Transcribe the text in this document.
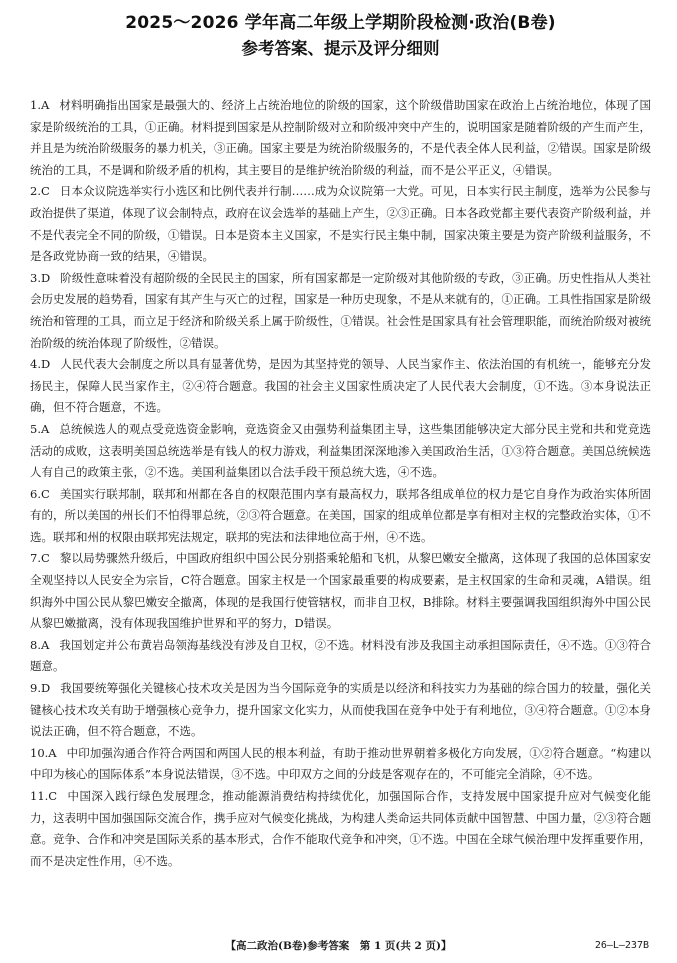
2025～2026 学年高二年级上学期阶段检测·政治(B卷)
参考答案、提示及评分细则

1.A 材料明确指出国家是最强大的、经济上占统治地位的阶级的国家，这个阶级借助国家在政治上占统治地位，体现了国家是阶级统治的工具，①正确。材料提到国家是从控制阶级对立和阶级冲突中产生的，说明国家是随着阶级的产生而产生，并且是为统治阶级服务的暴力机关，③正确。国家主要是为统治阶级服务的，不是代表全体人民利益，②错误。国家是阶级统治的工具，不是调和阶级矛盾的机构，其主要目的是维护统治阶级的利益，而不是公平正义，④错误。

2.C 日本众议院选举实行小选区和比例代表并行制……成为众议院第一大党。可见，日本实行民主制度，选举为公民参与政治提供了渠道，体现了议会制特点，政府在议会选举的基础上产生，②③正确。日本各政党都主要代表资产阶级利益，并不是代表完全不同的阶级，①错误。日本是资本主义国家，不是实行民主集中制，国家决策主要是为资产阶级利益服务，不是各政党协商一致的结果，④错误。

3.D 阶级性意味着没有超阶级的全民民主的国家，所有国家都是一定阶级对其他阶级的专政，③正确。历史性指从人类社会历史发展的趋势看，国家有其产生与灭亡的过程，国家是一种历史现象，不是从来就有的，①正确。工具性指国家是阶级统治和管理的工具，而立足于经济和阶级关系上属于阶级性，①错误。社会性是国家具有社会管理职能，而统治阶级对被统治阶级的统治体现了阶级性，②错误。

4.D 人民代表大会制度之所以具有显著优势，是因为其坚持党的领导、人民当家作主、依法治国的有机统一，能够充分发扬民主，保障人民当家作主，②④符合题意。我国的社会主义国家性质决定了人民代表大会制度，①不选。③本身说法正确，但不符合题意，不选。

5.A 总统候选人的观点受竞选资金影响，竞选资金又由强势利益集团主导，这些集团能够决定大部分民主党和共和党竞选活动的成败，这表明美国总统选举是有钱人的权力游戏，利益集团深深地渗入美国政治生活，①③符合题意。美国总统候选人有自己的政策主张，②不选。美国利益集团以合法手段干预总统大选，④不选。

6.C 美国实行联邦制，联邦和州都在各自的权限范围内享有最高权力，联邦各组成单位的权力是它自身作为政治实体所固有的，所以美国的州长们不怕得罪总统，②③符合题意。在美国，国家的组成单位都是享有相对主权的完整政治实体，①不选。联邦和州的权限由联邦宪法规定，联邦的宪法和法律地位高于州，④不选。

7.C 黎以局势骤然升级后，中国政府组织中国公民分别搭乘轮船和飞机，从黎巴嫩安全撤离，这体现了我国的总体国家安全观坚持以人民安全为宗旨，C符合题意。国家主权是一个国家最重要的构成要素，是主权国家的生命和灵魂，A错误。组织海外中国公民从黎巴嫩安全撤离，体现的是我国行使管辖权，而非自卫权，B排除。材料主要强调我国组织海外中国公民从黎巴嫩撤离，没有体现我国维护世界和平的努力，D错误。

8.A 我国划定并公布黄岩岛领海基线没有涉及自卫权，②不选。材料没有涉及我国主动承担国际责任，④不选。①③符合题意。

9.D 我国要统筹强化关键核心技术攻关是因为当今国际竞争的实质是以经济和科技实力为基础的综合国力的较量，强化关键核心技术攻关有助于增强核心竞争力，提升国家文化实力，从而使我国在竞争中处于有利地位，③④符合题意。①②本身说法正确，但不符合题意，不选。

10.A 中印加强沟通合作符合两国和两国人民的根本利益，有助于推动世界朝着多极化方向发展，①②符合题意。“构建以中印为核心的国际体系”本身说法错误，③不选。中印双方之间的分歧是客观存在的，不可能完全消除，④不选。

11.C 中国深入践行绿色发展理念，推动能源消费结构持续优化，加强国际合作，支持发展中国家提升应对气候变化能力，这表明中国加强国际交流合作，携手应对气候变化挑战，为构建人类命运共同体贡献中国智慧、中国力量，②③符合题意。竞争、合作和冲突是国际关系的基本形式，合作不能取代竞争和冲突，①不选。中国在全球气候治理中发挥重要作用，而不是决定性作用，④不选。

【高二政治(B卷)参考答案　第 1 页(共 2 页)】	26—L—237B
